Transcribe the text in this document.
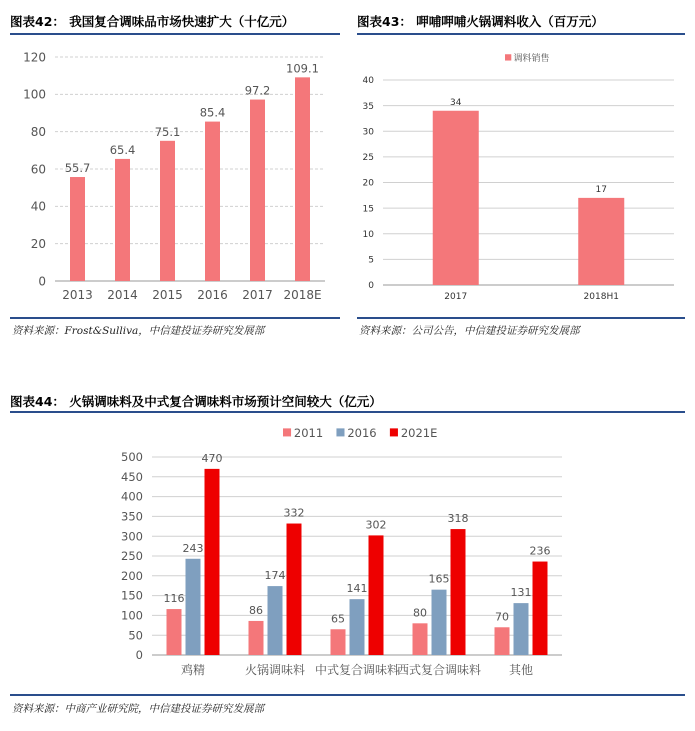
图表42： 我国复合调味品市场快速扩大（十亿元）
资料来源：Frost&Sulliva，中信建投证券研究发展部
图表43： 呷哺呷哺火锅调料收入（百万元）
资料来源：公司公告，中信建投证券研究发展部
图表44： 火锅调味料及中式复合调味料市场预计空间较大（亿元）
资料来源：中商产业研究院，中信建投证券研究发展部
0
20
40
60
80
100
120
2013 2014 2015 2016 2017 2018E
55.7
65.4
75.1
85.4
97.2
109.1
0
5
10
15
20
25
30
35
40
2017	2018H1
34
17
调料销售
0
50
100
150
200
250
300
350
400
450
500
鸡精	火锅调味料 中式复合调味料
西式复合调味料 其他
116
86
65	80	70
243
174
141
165
131
470
332
302	318
236
2011 2016 2021E
